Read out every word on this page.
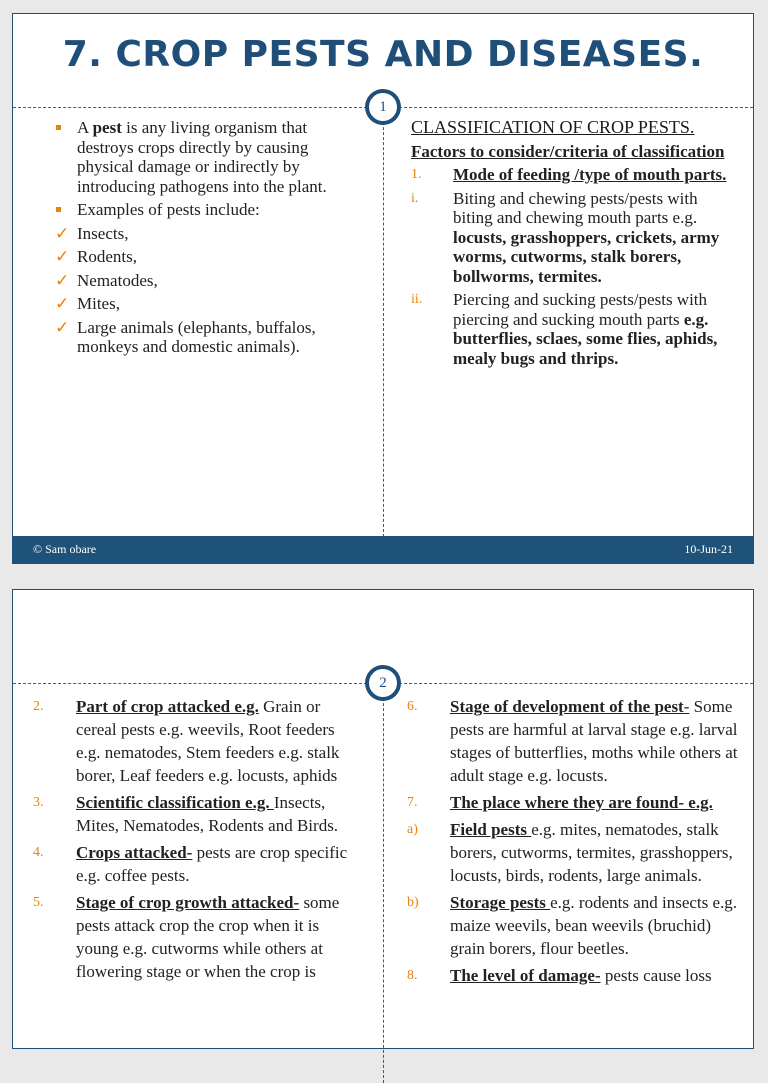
7. CROP PESTS AND DISEASES.
1
A pest is any living organism that destroys crops directly by causing physical damage or indirectly by introducing pathogens into the plant.
Examples of pests include:
✓ Insects,
✓ Rodents,
✓ Nematodes,
✓ Mites,
✓ Large animals (elephants, buffalos, monkeys and domestic animals).
CLASSIFICATION OF CROP PESTS.
Factors to consider/criteria of classification
1. Mode of feeding /type of mouth parts.
i. Biting and chewing pests/pests with biting and chewing mouth parts e.g. locusts, grasshoppers, crickets, army worms, cutworms, stalk borers, bollworms, termites.
ii. Piercing and sucking pests/pests with piercing and sucking mouth parts e.g. butterflies, sclaes, some flies, aphids, mealy bugs and thrips.
© Sam obare	10-Jun-21
2
2. Part of crop attacked e.g. Grain or cereal pests e.g. weevils, Root feeders e.g. nematodes, Stem feeders e.g. stalk borer, Leaf feeders e.g. locusts, aphids
3. Scientific classification e.g. Insects, Mites, Nematodes, Rodents and Birds.
4. Crops attacked- pests are crop specific e.g. coffee pests.
5. Stage of crop growth attacked- some pests attack crop the crop when it is young e.g. cutworms while others at flowering stage or when the crop is
6. Stage of development of the pest- Some pests are harmful at larval stage e.g. larval stages of butterflies, moths while others at adult stage e.g. locusts.
7. The place where they are found- e.g.
a) Field pests e.g. mites, nematodes, stalk borers, cutworms, termites, grasshoppers, locusts, birds, rodents, large animals.
b) Storage pests e.g. rodents and insects e.g. maize weevils, bean weevils (bruchid) grain borers, flour beetles.
8. The level of damage- pests cause loss
